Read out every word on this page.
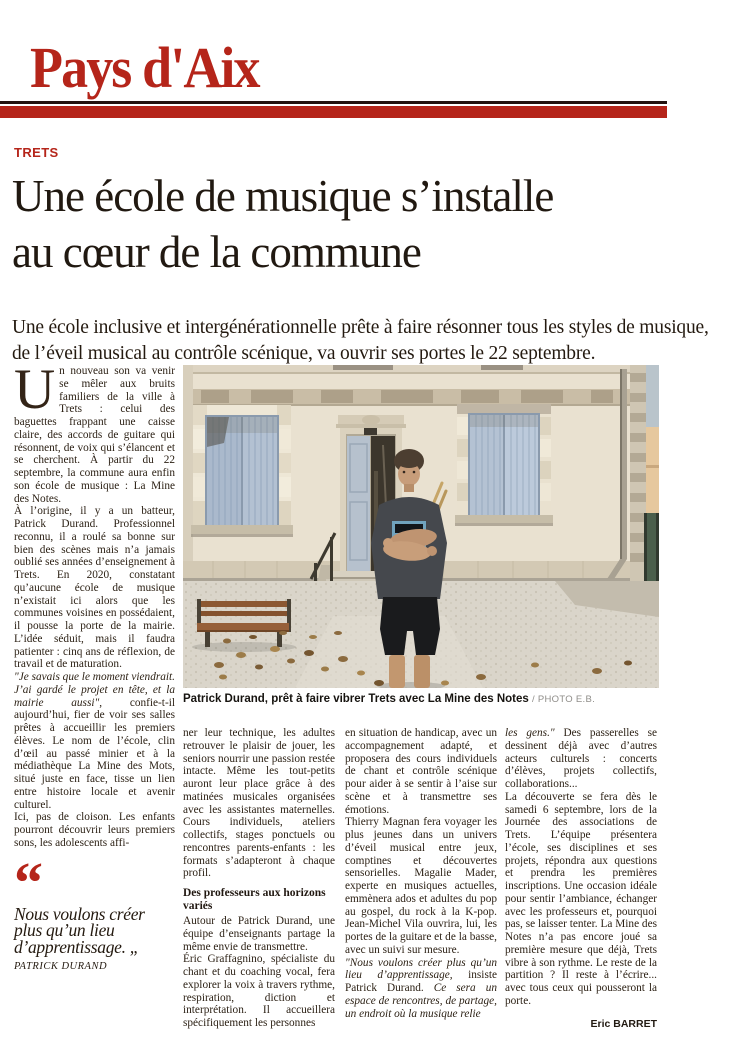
Pays d'Aix
TRETS
Une école de musique s’installe
au cœur de la commune

Une école inclusive et intergénérationnelle prête à faire résonner tous les styles de musique, de l’éveil musical au contrôle scénique, va ouvrir ses portes le 22 septembre.

Un nouveau son va venir se mêler aux bruits familiers de la ville à Trets : celui des baguettes frappant une caisse claire, des accords de guitare qui résonnent, de voix qui s’élancent et se cherchent. À partir du 22 septembre, la commune aura enfin son école de musique : La Mine des Notes.

À l’origine, il y a un batteur, Patrick Durand. Professionnel reconnu, il a roulé sa bonne sur bien des scènes mais n’a jamais oublié ses années d’enseignement à Trets. En 2020, constatant qu’aucune école de musique n’existait ici alors que les communes voisines en possédaient, il pousse la porte de la mairie. L’idée séduit, mais il faudra patienter : cinq ans de réflexion, de travail et de maturation.

"Je savais que le moment viendrait. J’ai gardé le projet en tête, et la mairie aussi", confie-t-il aujourd’hui, fier de voir ses salles prêtes à accueillir les premiers élèves. Le nom de l’école, clin d’œil au passé minier et à la médiathèque La Mine des Mots, situé juste en face, tisse un lien entre histoire locale et avenir culturel.

Ici, pas de cloison. Les enfants pourront découvrir leurs premiers sons, les adolescents affi-

“
Nous voulons créer plus qu’un lieu d’apprentissage. „
PATRICK DURAND
Patrick Durand, prêt à faire vibrer Trets avec La Mine des Notes / PHOTO E.B.

ner leur technique, les adultes retrouver le plaisir de jouer, les seniors nourrir une passion restée intacte. Même les tout-petits auront leur place grâce à des matinées musicales organisées avec les assistantes maternelles. Cours individuels, ateliers collectifs, stages ponctuels ou rencontres parents-enfants : les formats s’adapteront à chaque profil.

Des professeurs aux horizons variés

Autour de Patrick Durand, une équipe d’enseignants partage la même envie de transmettre.

Éric Graffagnino, spécialiste du chant et du coaching vocal, fera explorer la voix à travers rythme, respiration, diction et interprétation. Il accueillera spécifiquement les personnes

en situation de handicap, avec un accompagnement adapté, et proposera des cours individuels de chant et contrôle scénique pour aider à se sentir à l’aise sur scène et à transmettre ses émotions.

Thierry Magnan fera voyager les plus jeunes dans un univers d’éveil musical entre jeux, comptines et découvertes sensorielles. Magalie Mader, experte en musiques actuelles, emmènera ados et adultes du pop au gospel, du rock à la K-pop. Jean-Michel Vila ouvrira, lui, les portes de la guitare et de la basse, avec un suivi sur mesure.

"Nous voulons créer plus qu’un lieu d’apprentissage, insiste Patrick Durand. Ce sera un espace de rencontres, de partage, un endroit où la musique relie

les gens." Des passerelles se dessinent déjà avec d’autres acteurs culturels : concerts d’élèves, projets collectifs, collaborations...

La découverte se fera dès le samedi 6 septembre, lors de la Journée des associations de Trets. L’équipe présentera l’école, ses disciplines et ses projets, répondra aux questions et prendra les premières inscriptions. Une occasion idéale pour sentir l’ambiance, échanger avec les professeurs et, pourquoi pas, se laisser tenter. La Mine des Notes n’a pas encore joué sa première mesure que déjà, Trets vibre à son rythme. Le reste de la partition ? Il reste à l’écrire... avec tous ceux qui pousseront la porte.

Eric BARRET
